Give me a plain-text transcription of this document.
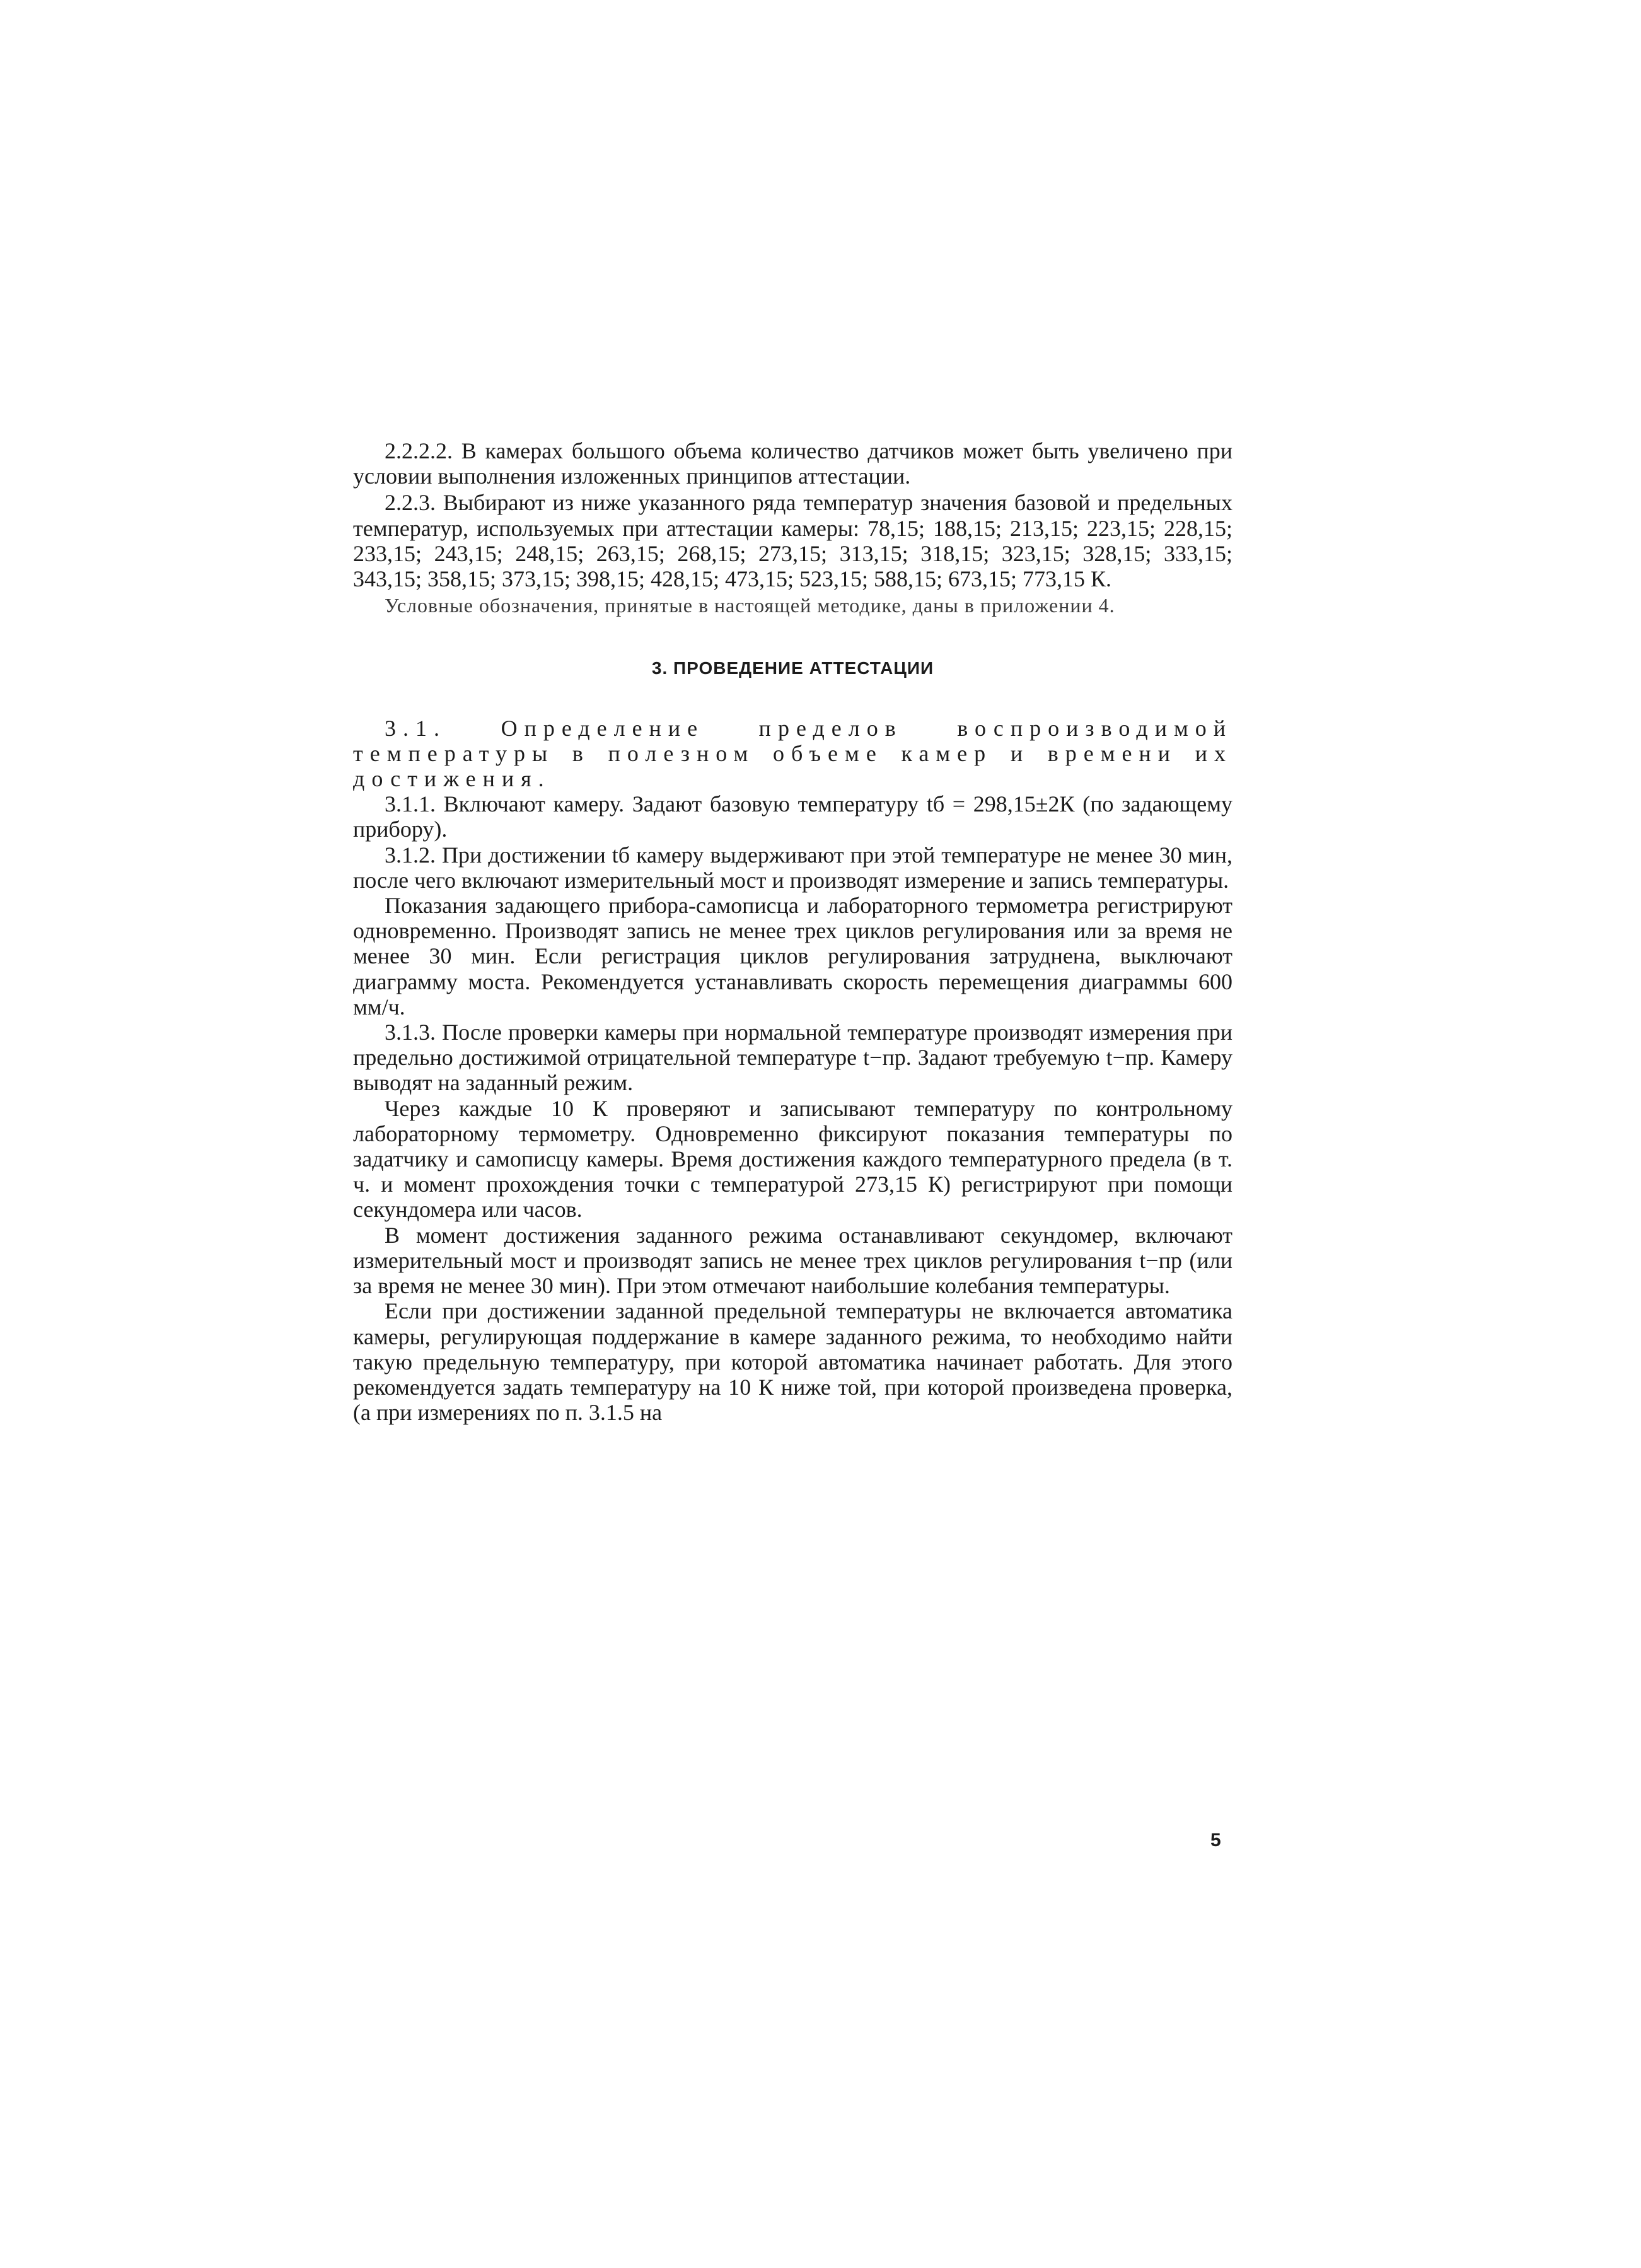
2.2.2.2. В камерах большого объема количество датчиков может быть увеличено при условии выполнения изложенных принципов аттестации.

2.2.3. Выбирают из ниже указанного ряда температур значения базовой и предельных температур, используемых при аттестации камеры: 78,15; 188,15; 213,15; 223,15; 228,15; 233,15; 243,15; 248,15; 263,15; 268,15; 273,15; 313,15; 318,15; 323,15; 328,15; 333,15; 343,15; 358,15; 373,15; 398,15; 428,15; 473,15; 523,15; 588,15; 673,15; 773,15 К.

Условные обозначения, принятые в настоящей методике, даны в приложении 4.

3. ПРОВЕДЕНИЕ АТТЕСТАЦИИ

3.1. Определение пределов воспроизводимой температуры в полезном объеме камер и времени их достижения.

3.1.1. Включают камеру. Задают базовую температуру tб = 298,15±2К (по задающему прибору).

3.1.2. При достижении tб камеру выдерживают при этой температуре не менее 30 мин, после чего включают измерительный мост и производят измерение и запись температуры.

Показания задающего прибора-самописца и лабораторного термометра регистрируют одновременно. Производят запись не менее трех циклов регулирования или за время не менее 30 мин. Если регистрация циклов регулирования затруднена, выключают диаграмму моста. Рекомендуется устанавливать скорость перемещения диаграммы 600 мм/ч.

3.1.3. После проверки камеры при нормальной температуре производят измерения при предельно достижимой отрицательной температуре t−пр. Задают требуемую t−пр. Камеру выводят на заданный режим.

Через каждые 10 К проверяют и записывают температуру по контрольному лабораторному термометру. Одновременно фиксируют показания температуры по задатчику и самописцу камеры. Время достижения каждого температурного предела (в т. ч. и момент прохождения точки с температурой 273,15 К) регистрируют при помощи секундомера или часов.

В момент достижения заданного режима останавливают секундомер, включают измерительный мост и производят запись не менее трех циклов регулирования t−пр (или за время не менее 30 мин). При этом отмечают наибольшие колебания температуры.

Если при достижении заданной предельной температуры не включается автоматика камеры, регулирующая поддержание в камере заданного режима, то необходимо найти такую предельную температуру, при которой автоматика начинает работать. Для этого рекомендуется задать температуру на 10 К ниже той, при которой произведена проверка, (а при измерениях по п. 3.1.5 на

5
